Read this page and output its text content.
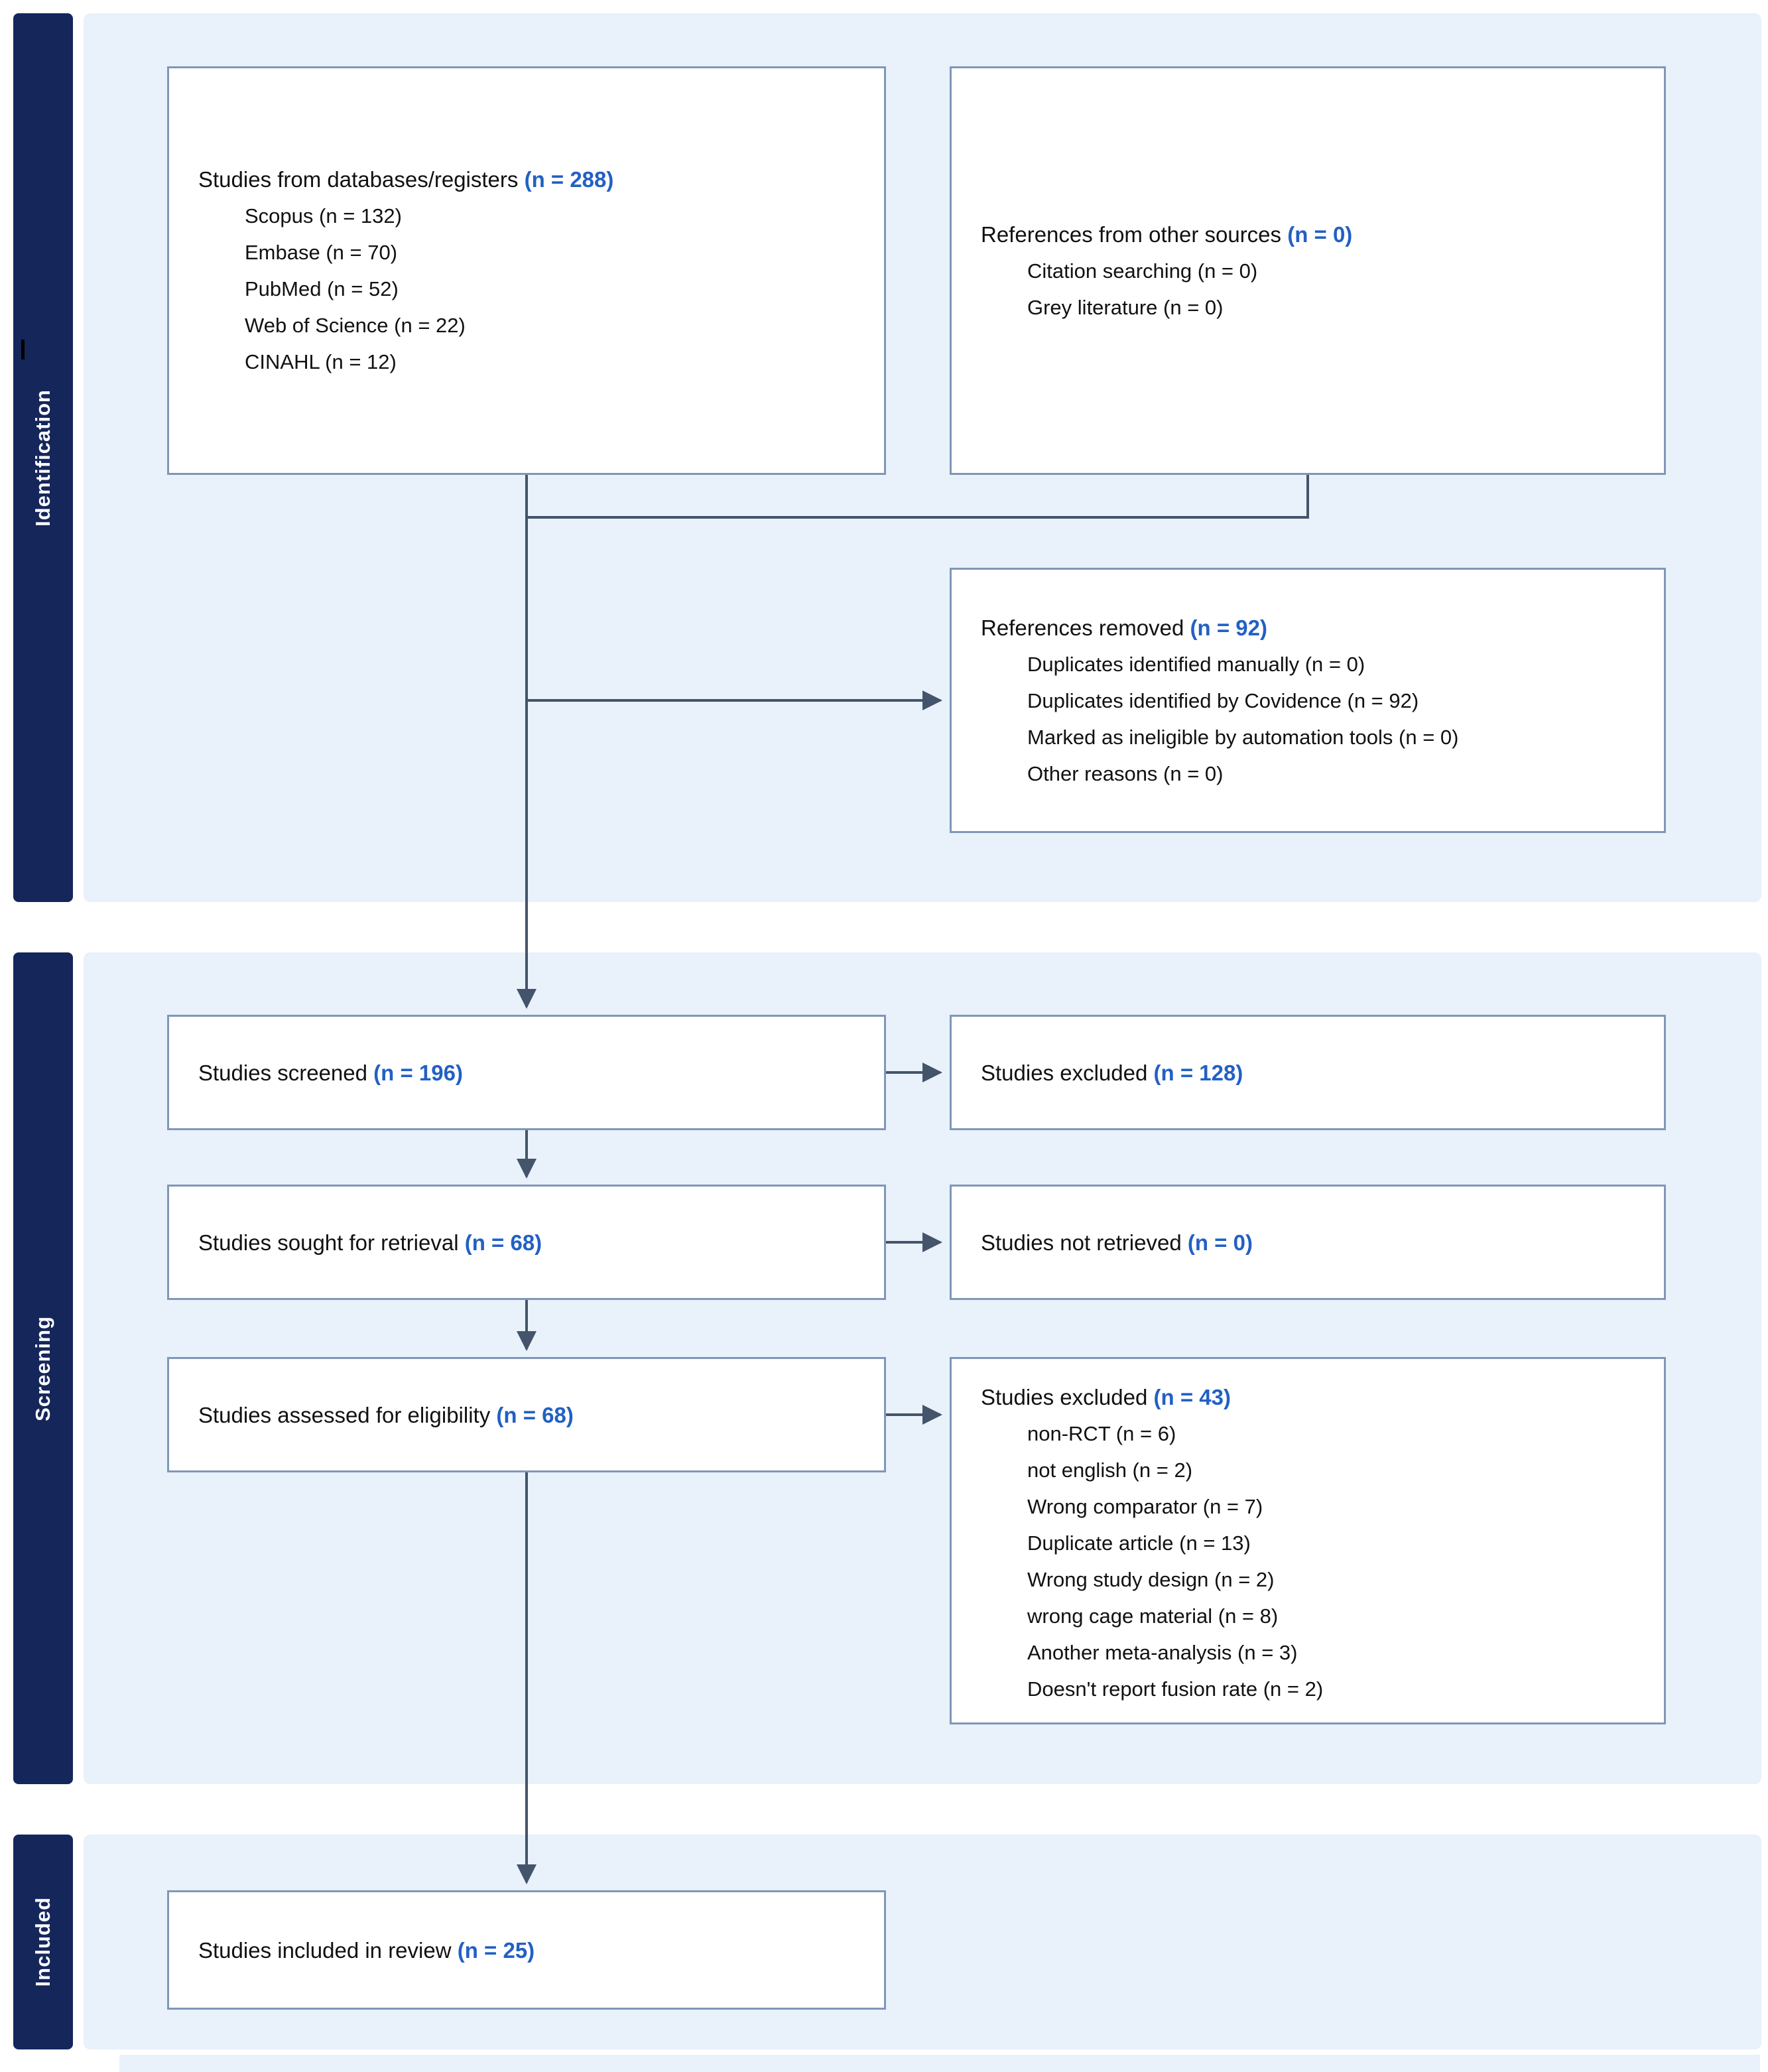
Identification
Screening
Included
Studies from databases/registers (n = 288)
Scopus (n = 132)
Embase (n = 70)
PubMed (n = 52)
Web of Science (n = 22)
CINAHL (n = 12)
References from other sources (n = 0)
Citation searching (n = 0)
Grey literature (n = 0)
References removed (n = 92)
Duplicates identified manually (n = 0)
Duplicates identified by Covidence (n = 92)
Marked as ineligible by automation tools (n = 0)
Other reasons (n = 0)
Studies screened (n = 196)	Studies excluded (n = 128)
Studies sought for retrieval (n = 68)	Studies not retrieved (n = 0)
Studies assessed for eligibility (n = 68)
Studies excluded (n = 43)
non-RCT (n = 6)
not english (n = 2)
Wrong comparator (n = 7)
Duplicate article (n = 13)
Wrong study design (n = 2)
wrong cage material (n = 8)
Another meta-analysis (n = 3)
Doesn't report fusion rate (n = 2)
Studies included in review (n = 25)
